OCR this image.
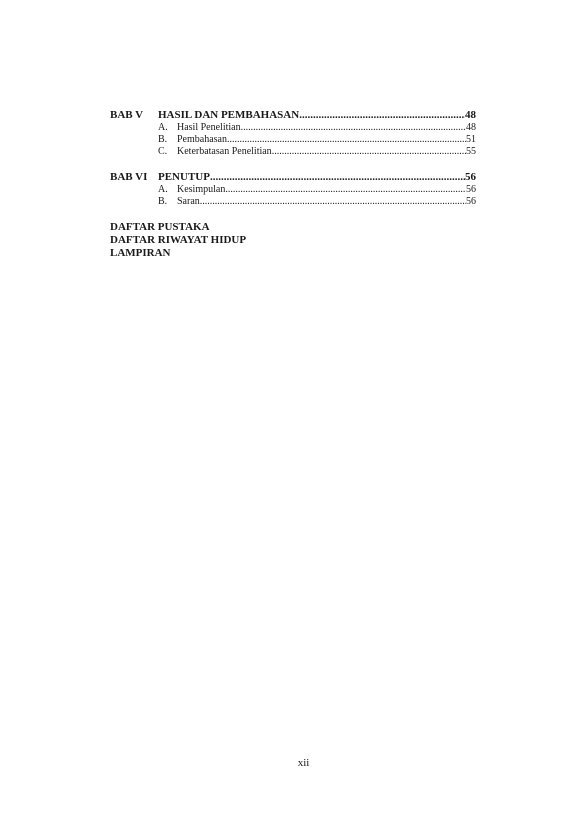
BAB V	HASIL DAN PEMBAHASAN .....	48
A. Hasil Penelitian .....	48
B. Pembahasan .....	51
C. Keterbatasan Penelitian .....	55
BAB VI PENUTUP .....	56
A. Kesimpulan .....	56
B. Saran .....	56
DAFTAR PUSTAKA
DAFTAR RIWAYAT HIDUP
LAMPIRAN
xii
